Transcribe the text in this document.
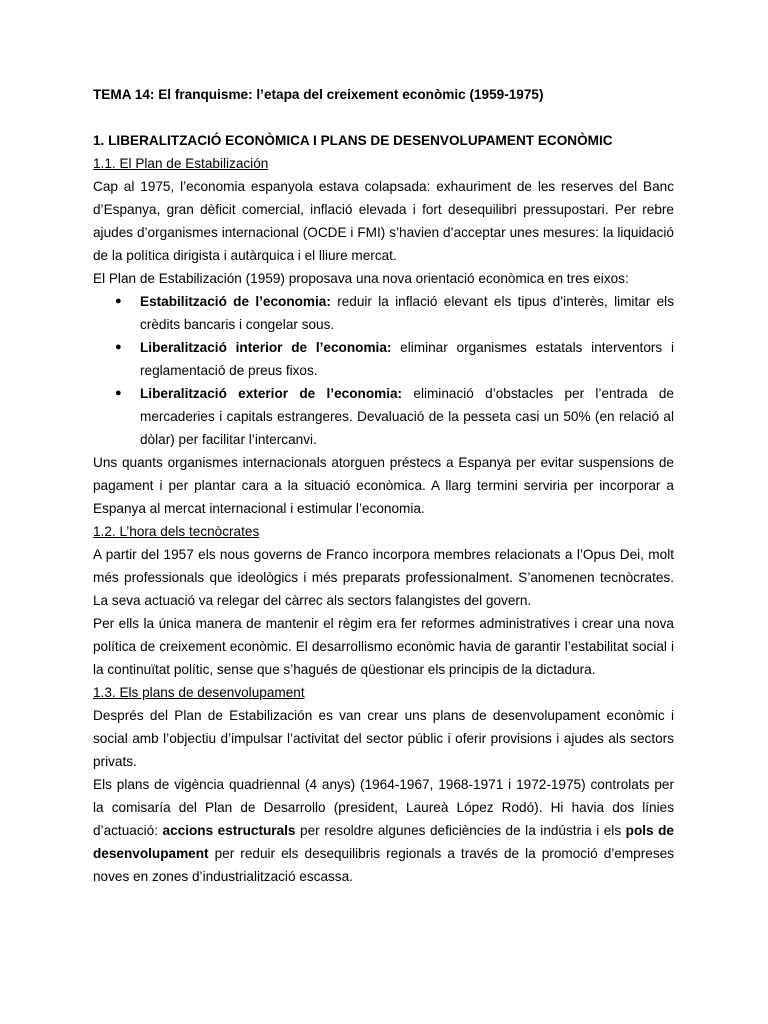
TEMA 14: El franquisme: l’etapa del creixement econòmic (1959-1975)

1. LIBERALITZACIÓ ECONÒMICA I PLANS DE DESENVOLUPAMENT ECONÒMIC

1.1. El Plan de Estabilización

Cap al 1975, l’economia espanyola estava colapsada: exhauriment de les reserves del Banc d’Espanya, gran dèficit comercial, inflació elevada i fort desequilibri pressupostari. Per rebre ajudes d’organismes internacional (OCDE i FMI) s’havien d’acceptar unes mesures: la liquidació de la política dirigista i autàrquica i el lliure mercat.

El Plan de Estabilización (1959) proposava una nova orientació econòmica en tres eixos:

● Estabilització de l’economia: reduir la inflació elevant els tipus d’interès, limitar els crèdits bancaris i congelar sous.
● Liberalització interior de l’economia: eliminar organismes estatals interventors i reglamentació de preus fixos.
● Liberalització exterior de l’economia: eliminació d’obstacles per l’entrada de mercaderies i capitals estrangeres. Devaluació de la pesseta casi un 50% (en relació al dòlar) per facilitar l’intercanvi.

Uns quants organismes internacionals atorguen préstecs a Espanya per evitar suspensions de pagament i per plantar cara a la situació econòmica. A llarg termini serviria per incorporar a Espanya al mercat internacional i estimular l’economia.

1.2. L’hora dels tecnòcrates

A partir del 1957 els nous governs de Franco incorpora membres relacionats a l’Opus Dei, molt més professionals que ideològics i més preparats professionalment. S’anomenen tecnòcrates. La seva actuació va relegar del càrrec als sectors falangistes del govern.

Per ells la única manera de mantenir el règim era fer reformes administratives i crear una nova política de creixement econòmic. El desarrollismo econòmic havia de garantir l’estabilitat social i la continuïtat polític, sense que s’hagués de qüestionar els principis de la dictadura.

1.3. Els plans de desenvolupament

Després del Plan de Estabilización es van crear uns plans de desenvolupament econòmic i social amb l’objectiu d’impulsar l’activitat del sector públic i oferir provisions i ajudes als sectors privats.

Els plans de vigència quadriennal (4 anys) (1964-1967, 1968-1971 i 1972-1975) controlats per la comisaría del Plan de Desarrollo (president, Laureà López Rodó). Hi havia dos línies d’actuació: accions estructurals per resoldre algunes deficiències de la indústria i els pols de desenvolupament per reduir els desequilibris regionals a través de la promoció d’empreses noves en zones d’industrialització escassa.
